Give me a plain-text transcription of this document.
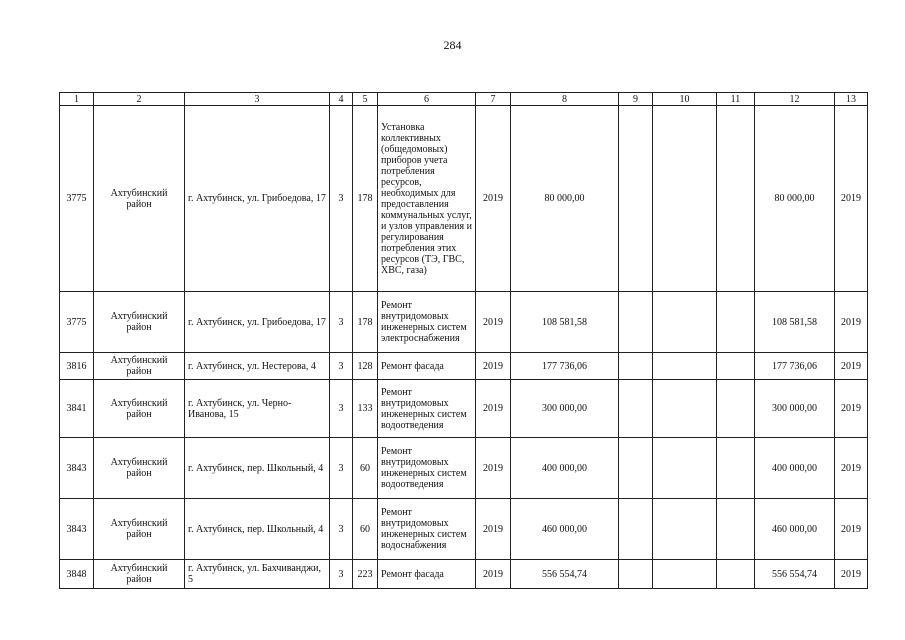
284
1	2	3	4	5	6	7	8	9	10	11	12	13
3775	Ахтубинский район	г. Ахтубинск, ул. Грибоедова, 17	3	178	Установка коллективных (общедомовых) приборов учета потребления ресурсов, необходимых для предоставления коммунальных услуг, и узлов управления и регулирования потребления этих ресурсов (ТЭ, ГВС, ХВС, газа)	2019	80 000,00				80 000,00	2019
3775	Ахтубинский район	г. Ахтубинск, ул. Грибоедова, 17	3	178	Ремонт внутридомовых инженерных систем электроснабжения	2019	108 581,58				108 581,58	2019
3816	Ахтубинский район	г. Ахтубинск, ул. Нестерова, 4	3	128	Ремонт фасада	2019	177 736,06				177 736,06	2019
3841	Ахтубинский район	г. Ахтубинск, ул. Черно-Иванова, 15	3	133	Ремонт внутридомовых инженерных систем водоотведения	2019	300 000,00				300 000,00	2019
3843	Ахтубинский район	г. Ахтубинск, пер. Школьный, 4	3	60	Ремонт внутридомовых инженерных систем водоотведения	2019	400 000,00				400 000,00	2019
3843	Ахтубинский район	г. Ахтубинск, пер. Школьный, 4	3	60	Ремонт внутридомовых инженерных систем водоснабжения	2019	460 000,00				460 000,00	2019
3848	Ахтубинский район	г. Ахтубинск, ул. Бахчиванджи, 5	3	223	Ремонт фасада	2019	556 554,74				556 554,74	2019
